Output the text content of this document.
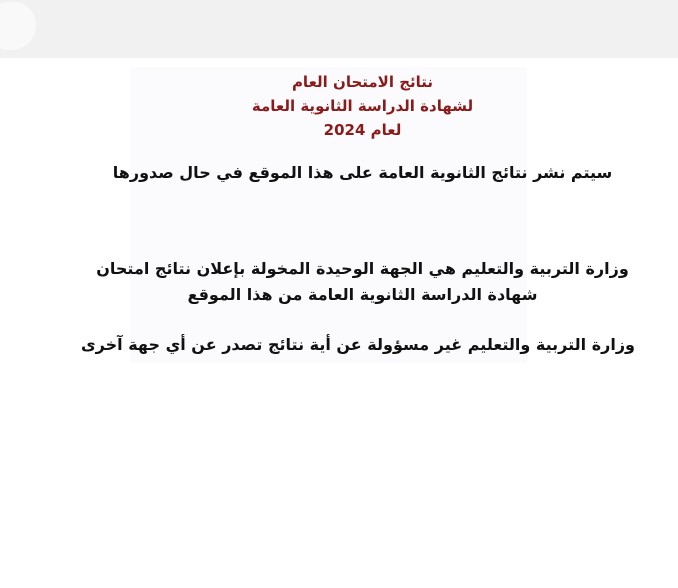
نتائج الامتحان العام
لشهادة الدراسة الثانوية العامة
لعام 2024
سيتم نشر نتائج الثانوية العامة على هذا الموقع في حال صدورها
وزارة التربية والتعليم هي الجهة الوحيدة المخولة بإعلان نتائج امتحان
شهادة الدراسة الثانوية العامة من هذا الموقع
وزارة التربية والتعليم غير مسؤولة عن أية نتائج تصدر عن أي جهة آخرى
